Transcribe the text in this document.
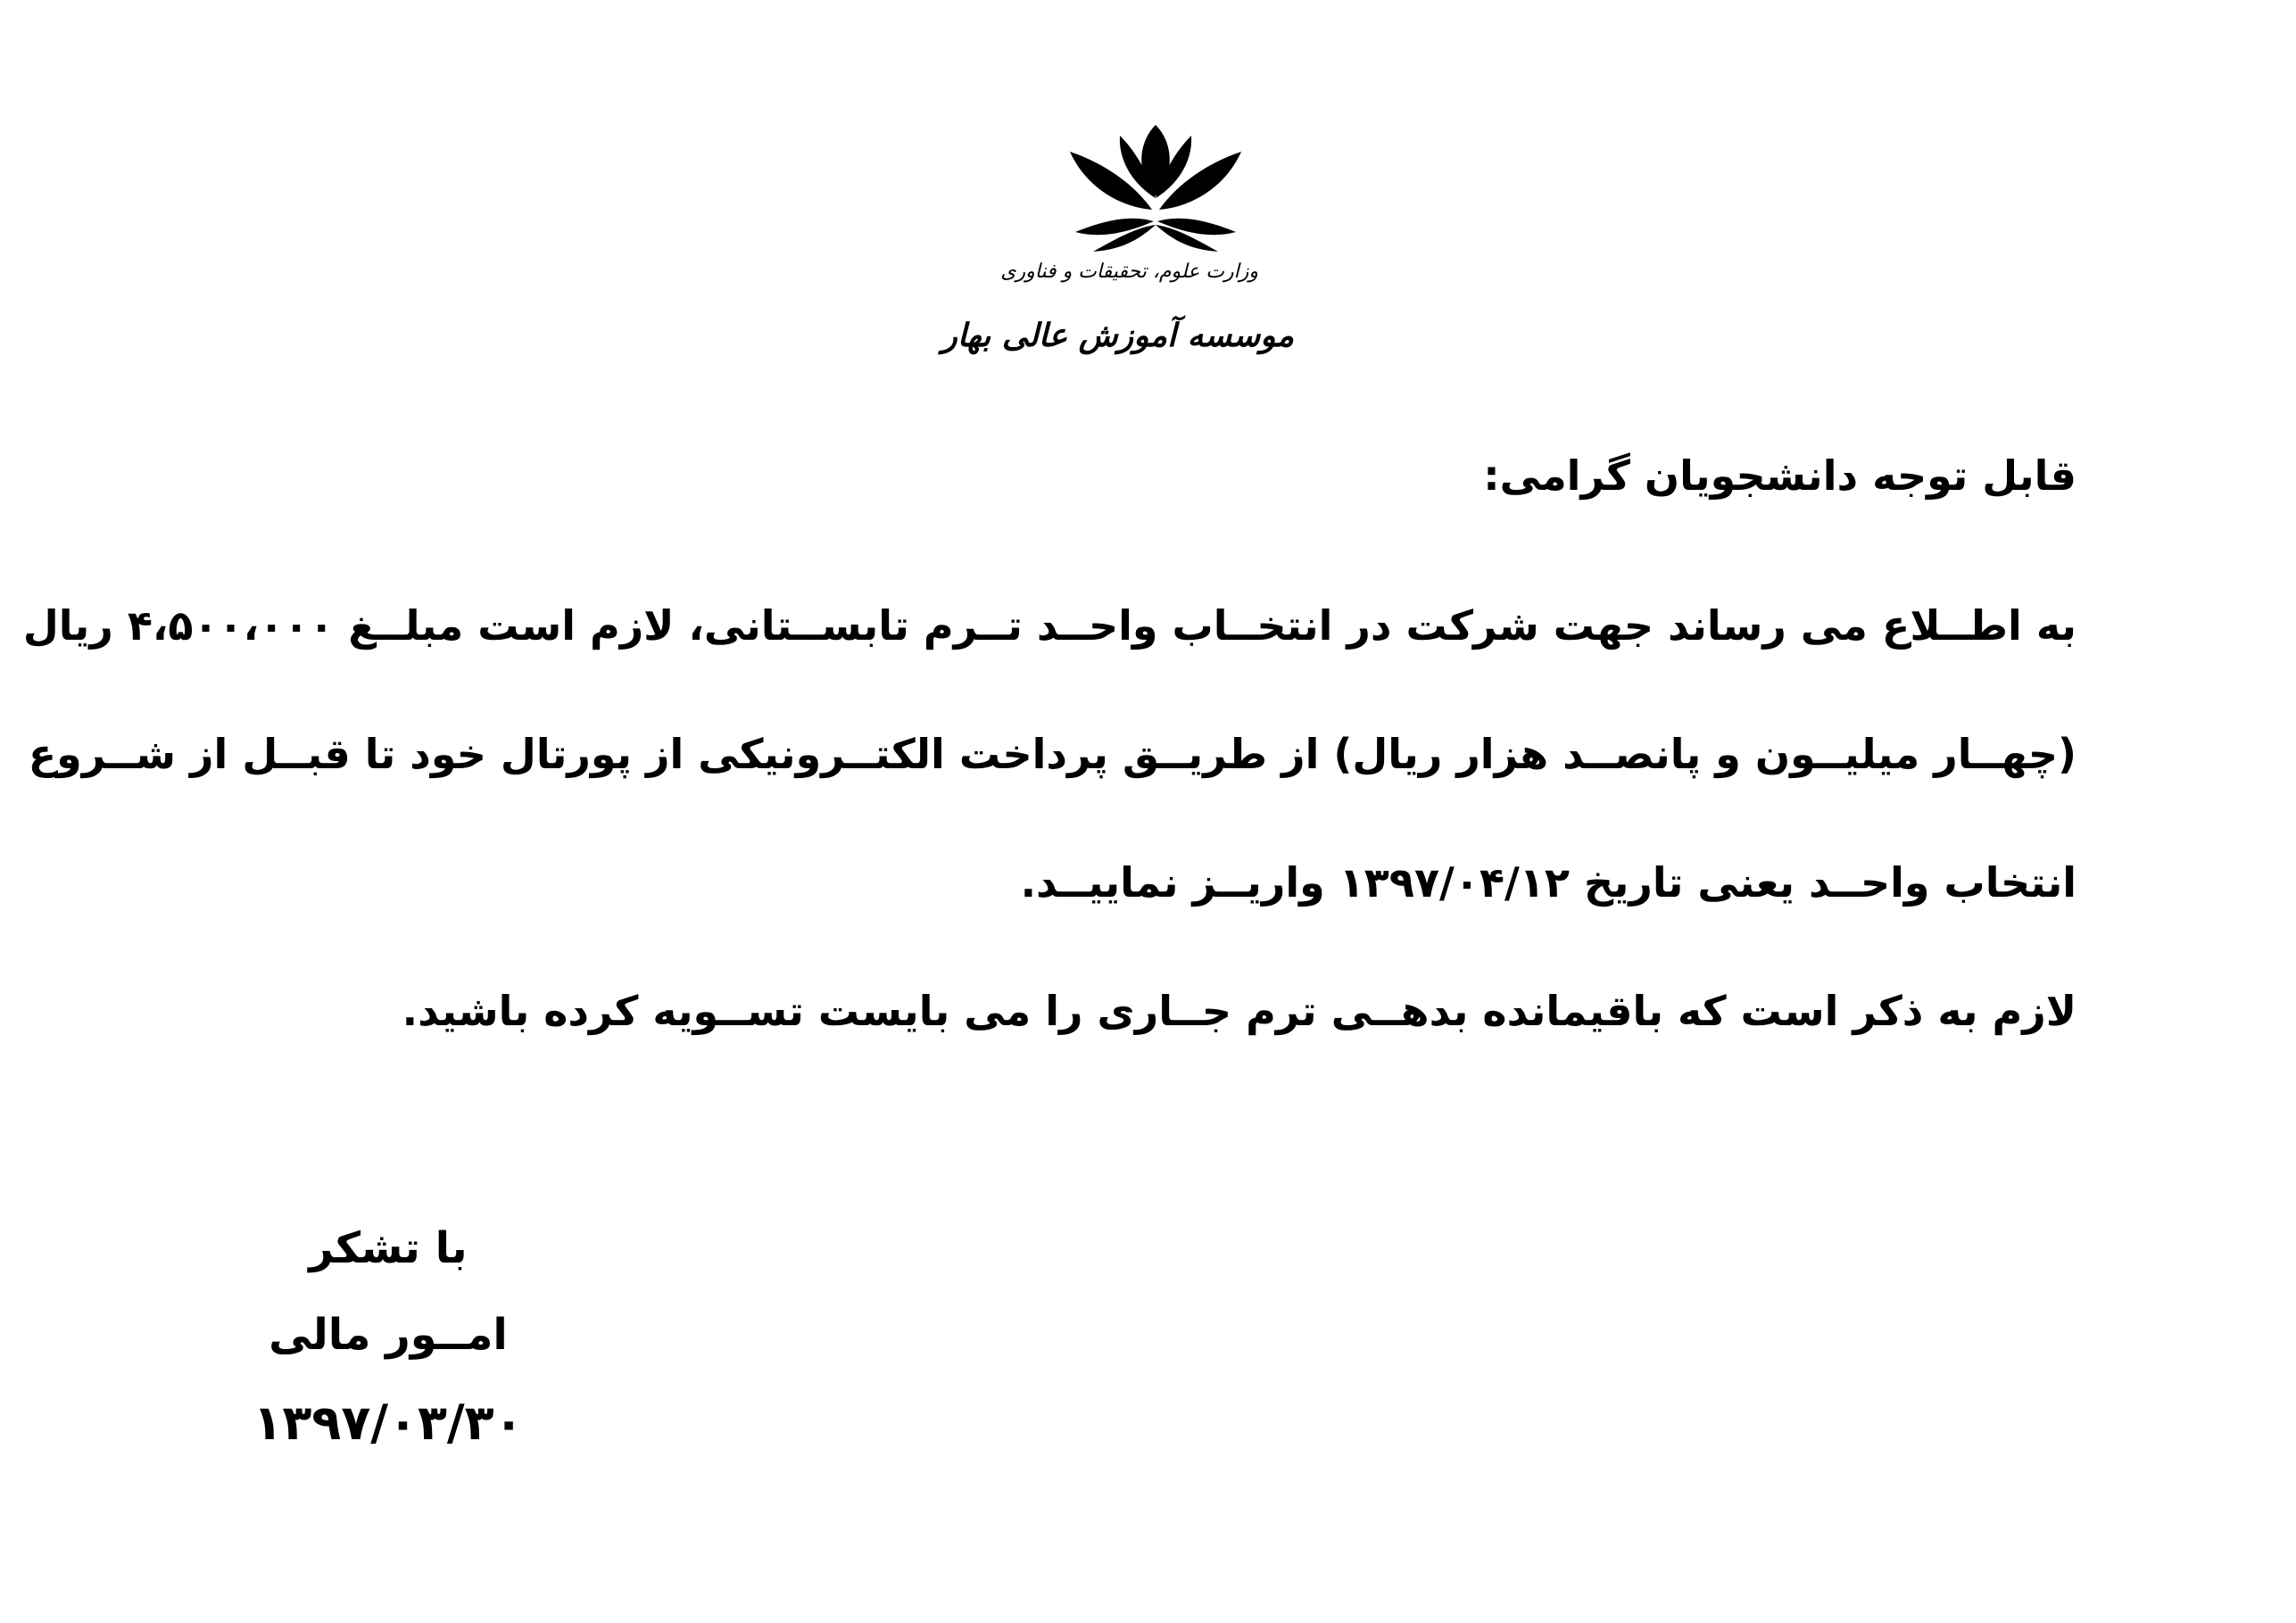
وزارت علوم، تحقیقات و فناوری
موسسه آموزش عالی بهار
قابل توجه دانشجویان گرامی:
به اطــلاع می رساند جهت شرکت در انتخــاب واحــد تــرم تابســتانی، لازم است مبلــغ ۴،۵۰۰،۰۰۰ ریال
(چهــار میلیــون و پانصــد هزار ریال) از طریــق پرداخت الکتــرونیکی از پورتال خود تا قبــل از شــروع
انتخاب واحــد یعنی تاریخ ۱۳۹۷/۰۴/۱۲ واریــز نماییــد.
لازم به ذکر است که باقیمانده بدهــی ترم جــاری را می بایست تســویه کرده باشید.
با تشکر
امــور مالی
۱۳۹۷/۰۳/۳۰
